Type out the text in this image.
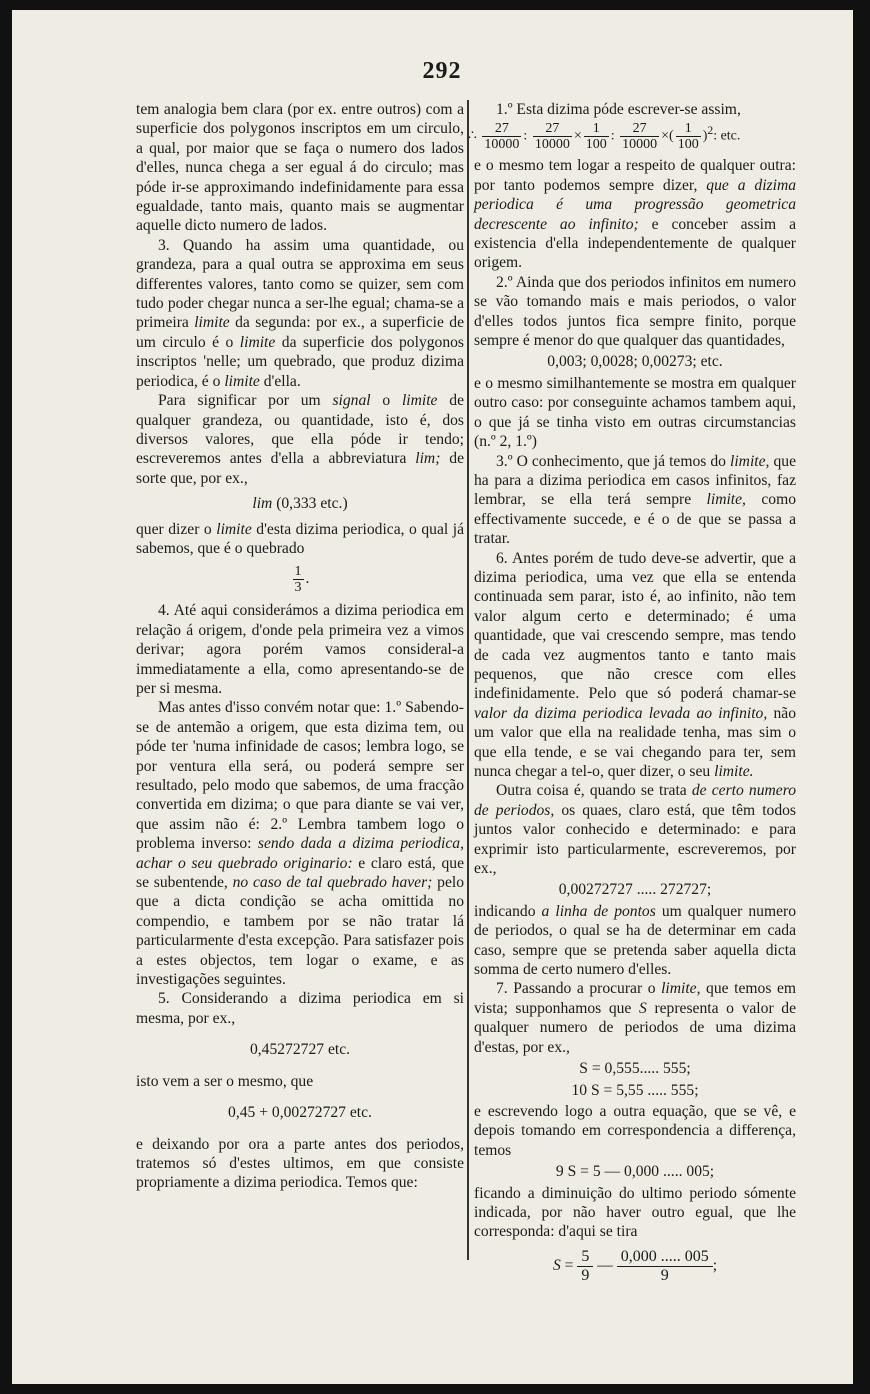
292

tem analogia bem clara (por ex. entre outros) com a superficie dos polygonos inscriptos em um circulo, a qual, por maior que se faça o numero dos lados d'elles, nunca chega a ser egual á do circulo; mas póde ir-se approximando indefinidamente para essa egualdade, tanto mais, quanto mais se augmentar aquelle dicto numero de lados.

3. Quando ha assim uma quantidade, ou grandeza, para a qual outra se approxima em seus differentes valores, tanto como se quizer, sem com tudo poder chegar nunca a ser-lhe egual; chama-se a primeira limite da segunda: por ex., a superficie de um circulo é o limite da superficie dos polygonos inscriptos 'nelle; um quebrado, que produz dizima periodica, é o limite d'ella.

Para significar por um signal o limite de qualquer grandeza, ou quantidade, isto é, dos diversos valores, que ella póde ir tendo; escreveremos antes d'ella a abbreviatura lim; de sorte que, por ex.,

lim (0,333 etc.)

quer dizer o limite d'esta dizima periodica, o qual já sabemos, que é o quebrado

$\frac{1}{3}$ .

4. Até aqui considerámos a dizima periodica em relação á origem, d'onde pela primeira vez a vimos derivar; agora porém vamos consideral-a immediatamente a ella, como apresentando-se de per si mesma.

Mas antes d'isso convém notar que: 1.º Sabendo-se de antemão a origem, que esta dizima tem, ou póde ter 'numa infinidade de casos; lembra logo, se por ventura ella será, ou poderá sempre ser resultado, pelo modo que sabemos, de uma fracção convertida em dizima; o que para diante se vai ver, que assim não é: 2.º Lembra tambem logo o problema inverso: sendo dada a dizima periodica, achar o seu quebrado originario: e claro está, que se subentende, no caso de tal quebrado haver; pelo que a dicta condição se acha omittida no compendio, e tambem por se não tratar lá particularmente d'esta excepção. Para satisfazer pois a estes objectos, tem logar o exame, e as investigações seguintes.

5. Considerando a dizima periodica em si mesma, por ex.,

0,45272727 etc.

isto vem a ser o mesmo, que

0,45 + 0,00272727 etc.

e deixando por ora a parte antes dos periodos, tratemos só d'estes ultimos, em que consiste propriamente a dizima periodica. Temos que:

1.º Esta dizima póde escrever-se assim,

∴ $\frac{27}{10000}$ : $\frac{27}{10000} \times \frac{1}{100}$ : $\frac{27}{10000}$ ×( $\frac{1}{100} )^2$: etc.

e o mesmo tem logar a respeito de qualquer outra: por tanto podemos sempre dizer, que a dizima periodica é uma progressão geometrica decrescente ao infinito; e conceber assim a existencia d'ella independentemente de qualquer origem.

2.º Ainda que dos periodos infinitos em numero se vão tomando mais e mais periodos, o valor d'elles todos juntos fica sempre finito, porque sempre é menor do que qualquer das quantidades,

0,003; 0,0028; 0,00273; etc.

e o mesmo similhantemente se mostra em qualquer outro caso: por conseguinte achamos tambem aqui, o que já se tinha visto em outras circumstancias (n.º 2, 1.º)

3.º O conhecimento, que já temos do limite, que ha para a dizima periodica em casos infinitos, faz lembrar, se ella terá sempre limite, como effectivamente succede, e é o de que se passa a tratar.

6. Antes porém de tudo deve-se advertir, que a dizima periodica, uma vez que ella se entenda continuada sem parar, isto é, ao infinito, não tem valor algum certo e determinado; é uma quantidade, que vai crescendo sempre, mas tendo de cada vez augmentos tanto e tanto mais pequenos, que não cresce com elles indefinidamente. Pelo que só poderá chamar-se valor da dizima periodica levada ao infinito, não um valor que ella na realidade tenha, mas sim o que ella tende, e se vai chegando para ter, sem nunca chegar a tel-o, quer dizer, o seu limite.

Outra coisa é, quando se trata de certo numero de periodos, os quaes, claro está, que têm todos juntos valor conhecido e determinado: e para exprimir isto particularmente, escreveremos, por ex.,

0,00272727 ..... 272727;

indicando a linha de pontos um qualquer numero de periodos, o qual se ha de determinar em cada caso, sempre que se pretenda saber aquella dicta somma de certo numero d'elles.

7. Passando a procurar o limite, que temos em vista; supponhamos que S representa o valor de qualquer numero de periodos de uma dizima d'estas, por ex.,

S = 0,555..... 555;

10 S = 5,55 ..... 555;

e escrevendo logo a outra equação, que se vê, e depois tomando em correspondencia a differença, temos

9 S = 5 — 0,000 ..... 005;

ficando a diminuição do ultimo periodo sómente indicada, por não haver outro egual, que lhe corresponda: d'aqui se tira

$S = \frac{5}{9}$ — $\frac{0,000 ..... 005}{9}$ ;
